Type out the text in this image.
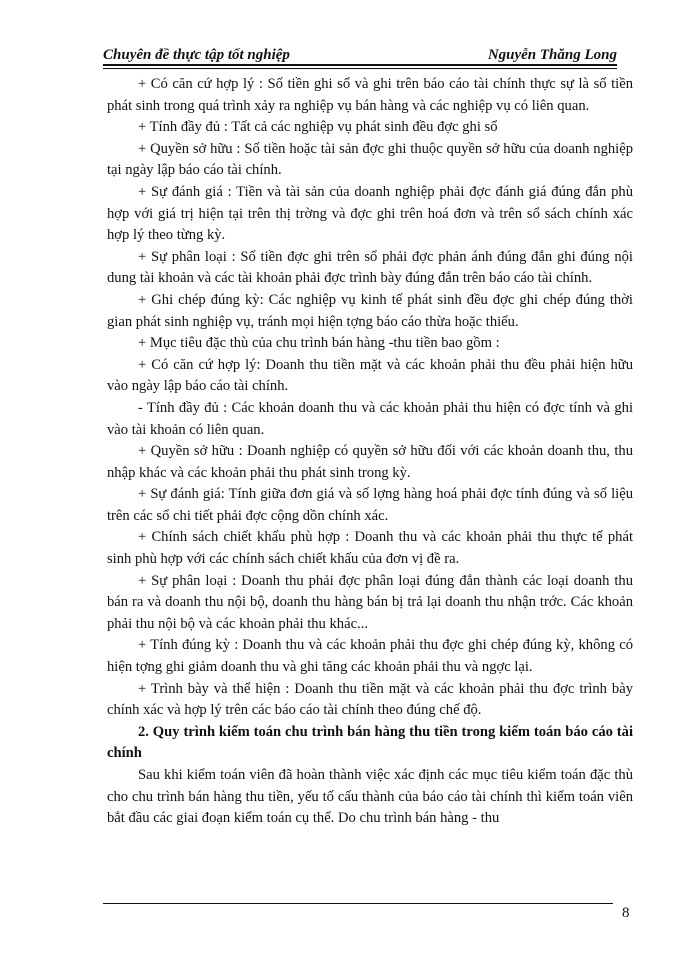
Chuyên đề thực tập tốt nghiệp	Nguyễn Thăng Long

+ Có căn cứ hợp lý : Số tiền ghi sổ và ghi trên báo cáo tài chính thực sự là số tiền phát sinh trong quá trình xảy ra nghiệp vụ bán hàng và các nghiệp vụ có liên quan.

+ Tính đầy đủ : Tất cả các nghiệp vụ phát sinh đều đợc ghi sổ

+ Quyền sở hữu : Số tiền hoặc tài sản đợc ghi thuộc quyền sở hữu của doanh nghiệp tại ngày lập báo cáo tài chính.

+ Sự đánh giá : Tiền và tài sản của doanh nghiệp phải đợc đánh giá đúng đắn phù hợp với giá trị hiện tại trên thị trờng và đợc ghi trên hoá đơn và trên sổ sách chính xác hợp lý theo từng kỳ.

+ Sự phân loại : Số tiền đợc ghi trên sổ phải đợc phản ánh đúng đắn ghi đúng nội dung tài khoản và các tài khoản phải đợc trình bày đúng đắn trên báo cáo tài chính.

+ Ghi chép đúng kỳ: Các nghiệp vụ kinh tế phát sinh đều đợc ghi chép đúng thời gian phát sinh nghiệp vụ, tránh mọi hiện tợng báo cáo thừa hoặc thiếu.

+ Mục tiêu đặc thù của chu trình bán hàng -thu tiền bao gồm :

+ Có căn cứ hợp lý: Doanh thu tiền mặt và các khoản phải thu đều phải hiện hữu vào ngày lập báo cáo tài chính.

- Tính đầy đủ : Các khoản doanh thu và các khoản phải thu hiện có đợc tính và ghi vào tài khoản có liên quan.

+ Quyền sở hữu : Doanh nghiệp có quyền sở hữu đối với các khoản doanh thu, thu nhập khác và các khoản phải thu phát sinh trong kỳ.

+ Sự đánh giá: Tính giữa đơn giá và số lợng hàng hoá phải đợc tính đúng và số liệu trên các sổ chi tiết phải đợc cộng dồn chính xác.

+ Chính sách chiết khấu phù hợp : Doanh thu và các khoản phải thu thực tế phát sinh phù hợp với các chính sách chiết khấu của đơn vị đề ra.

+ Sự phân loại : Doanh thu phải đợc phân loại đúng đắn thành các loại doanh thu bán ra và doanh thu nội bộ, doanh thu hàng bán bị trả lại doanh thu nhận trớc. Các khoản phải thu nội bộ và các khoản phải thu khác...

+ Tính đúng kỳ : Doanh thu và các khoản phải thu đợc ghi chép đúng kỳ, không có hiện tợng ghi giảm doanh thu và ghi tăng các khoản phải thu và ngợc lại.

+ Trình bày và thể hiện : Doanh thu tiền mặt và các khoản phải thu đợc trình bày chính xác và hợp lý trên các báo cáo tài chính theo đúng chế độ.

2. Quy trình kiểm toán chu trình bán hàng thu tiền trong kiểm toán báo cáo tài chính

Sau khi kiểm toán viên đã hoàn thành việc xác định các mục tiêu kiểm toán đặc thù cho chu trình bán hàng thu tiền, yếu tố cấu thành của báo cáo tài chính thì kiểm toán viên bắt đầu các giai đoạn kiểm toán cụ thể. Do chu trình bán hàng - thu

8
